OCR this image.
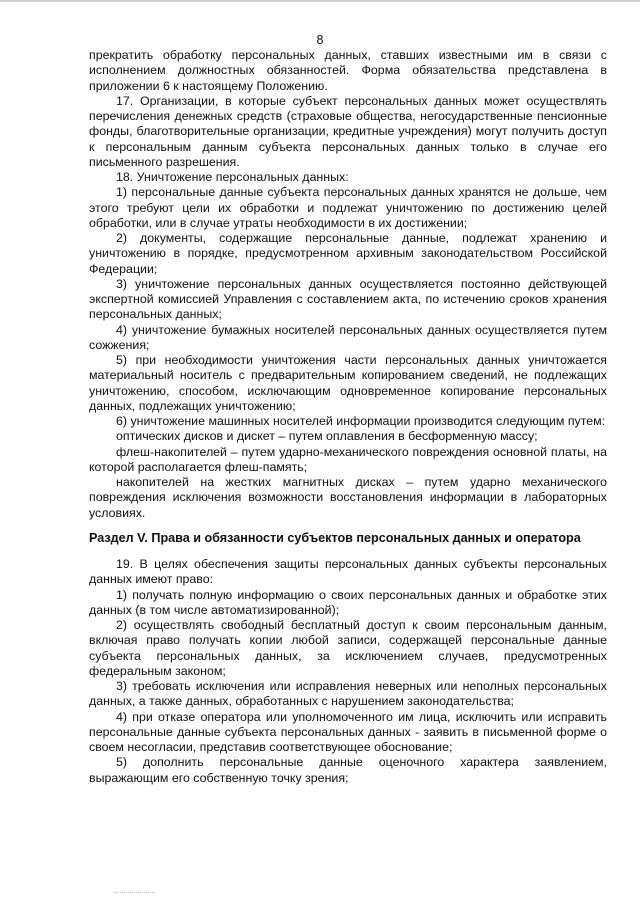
8

прекратить обработку персональных данных, ставших известными им в связи с исполнением должностных обязанностей. Форма обязательства представлена в приложении 6 к настоящему Положению.

17. Организации, в которые субъект персональных данных может осуществлять перечисления денежных средств (страховые общества, негосударственные пенсионные фонды, благотворительные организации, кредитные учреждения) могут получить доступ к персональным данным субъекта персональных данных только в случае его письменного разрешения.

18. Уничтожение персональных данных:

1) персональные данные субъекта персональных данных хранятся не дольше, чем этого требуют цели их обработки и подлежат уничтожению по достижению целей обработки, или в случае утраты необходимости в их достижении;

2) документы, содержащие персональные данные, подлежат хранению и уничтожению в порядке, предусмотренном архивным законодательством Российской Федерации;

3) уничтожение персональных данных осуществляется постоянно действующей экспертной комиссией Управления с составлением акта, по истечению сроков хранения персональных данных;

4) уничтожение бумажных носителей персональных данных осуществляется путем сожжения;

5) при необходимости уничтожения части персональных данных уничтожается материальный носитель с предварительным копированием сведений, не подлежащих уничтожению, способом, исключающим одновременное копирование персональных данных, подлежащих уничтожению;

6) уничтожение машинных носителей информации производится следующим путем:

оптических дисков и дискет – путем оплавления в бесформенную массу;

флеш-накопителей – путем ударно-механического повреждения основной платы, на которой располагается флеш-память;

накопителей на жестких магнитных дисках – путем ударно механического повреждения исключения возможности восстановления информации в лабораторных условиях.

Раздел V. Права и обязанности субъектов персональных данных и оператора

19. В целях обеспечения защиты персональных данных субъекты персональных данных имеют право:

1) получать полную информацию о своих персональных данных и обработке этих данных (в том числе автоматизированной);

2) осуществлять свободный бесплатный доступ к своим персональным данным, включая право получать копии любой записи, содержащей персональные данные субъекта персональных данных, за исключением случаев, предусмотренных федеральным законом;

3) требовать исключения или исправления неверных или неполных персональных данных, а также данных, обработанных с нарушением законодательства;

4) при отказе оператора или уполномоченного им лица, исключить или исправить персональные данные субъекта персональных данных - заявить в письменной форме о своем несогласии, представив соответствующее обоснование;

5) дополнить персональные данные оценочного характера заявлением, выражающим его собственную точку зрения;
